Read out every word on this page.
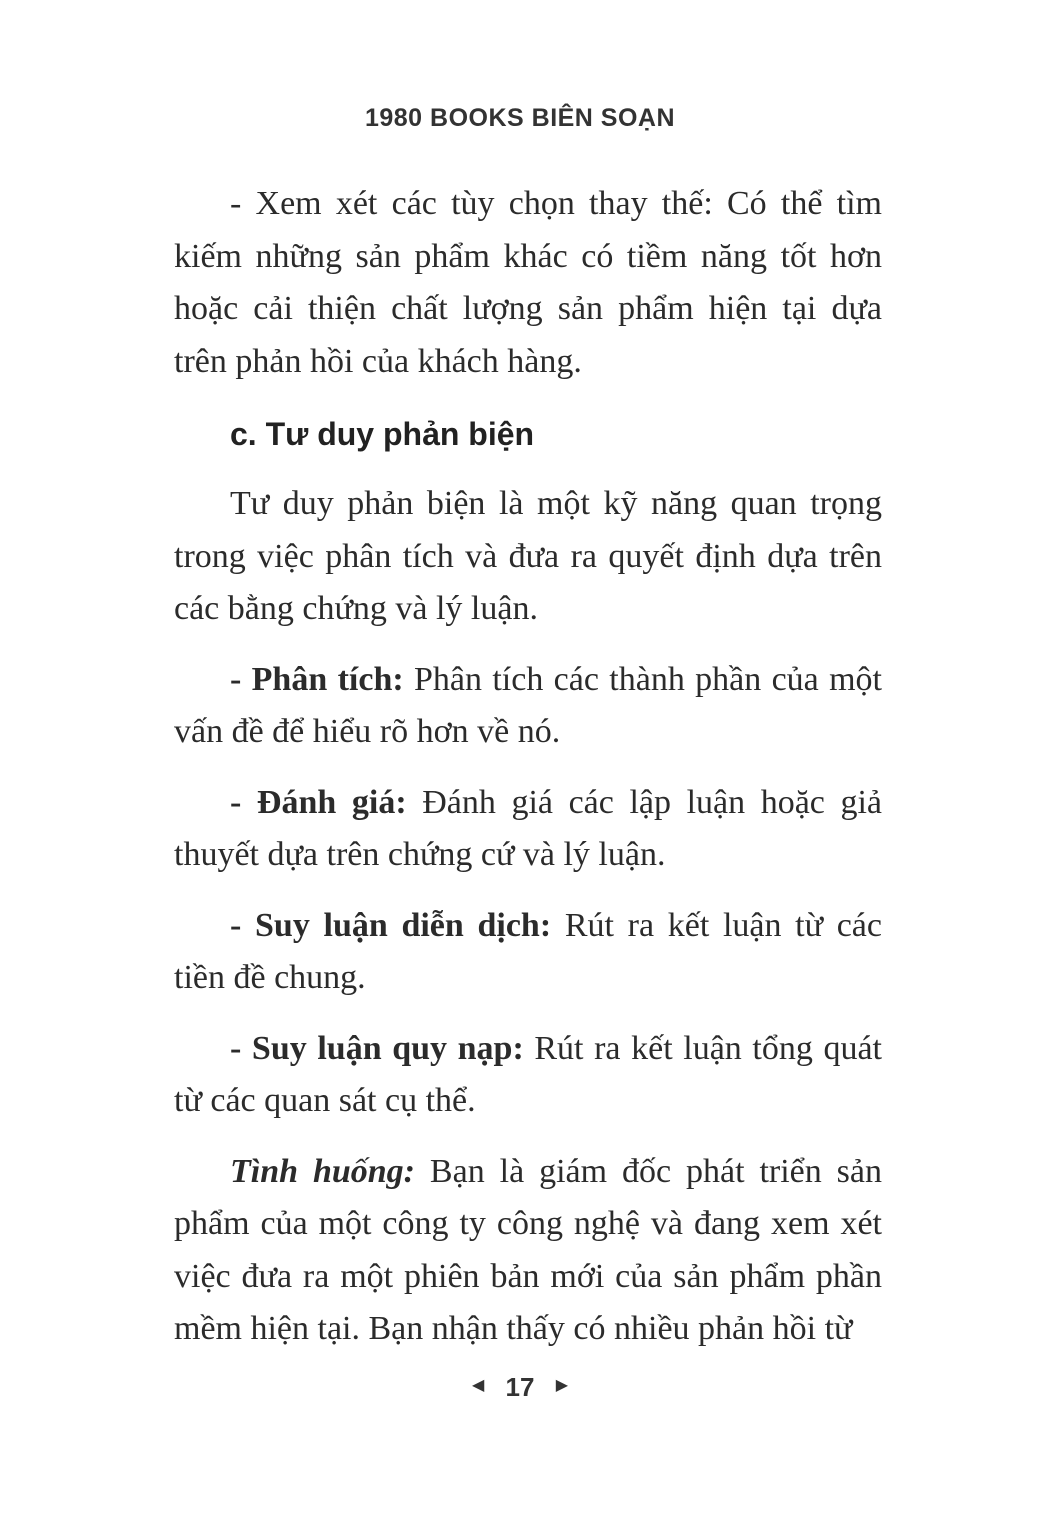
1980 BOOKS BIÊN SOẠN

- Xem xét các tùy chọn thay thế: Có thể tìm kiếm những sản phẩm khác có tiềm năng tốt hơn hoặc cải thiện chất lượng sản phẩm hiện tại dựa trên phản hồi của khách hàng.

c. Tư duy phản biện

Tư duy phản biện là một kỹ năng quan trọng trong việc phân tích và đưa ra quyết định dựa trên các bằng chứng và lý luận.

- Phân tích: Phân tích các thành phần của một vấn đề để hiểu rõ hơn về nó.

- Đánh giá: Đánh giá các lập luận hoặc giả thuyết dựa trên chứng cứ và lý luận.

- Suy luận diễn dịch: Rút ra kết luận từ các tiền đề chung.

- Suy luận quy nạp: Rút ra kết luận tổng quát từ các quan sát cụ thể.

Tình huống: Bạn là giám đốc phát triển sản phẩm của một công ty công nghệ và đang xem xét việc đưa ra một phiên bản mới của sản phẩm phần mềm hiện tại. Bạn nhận thấy có nhiều phản hồi từ

◀ 17 ▶
